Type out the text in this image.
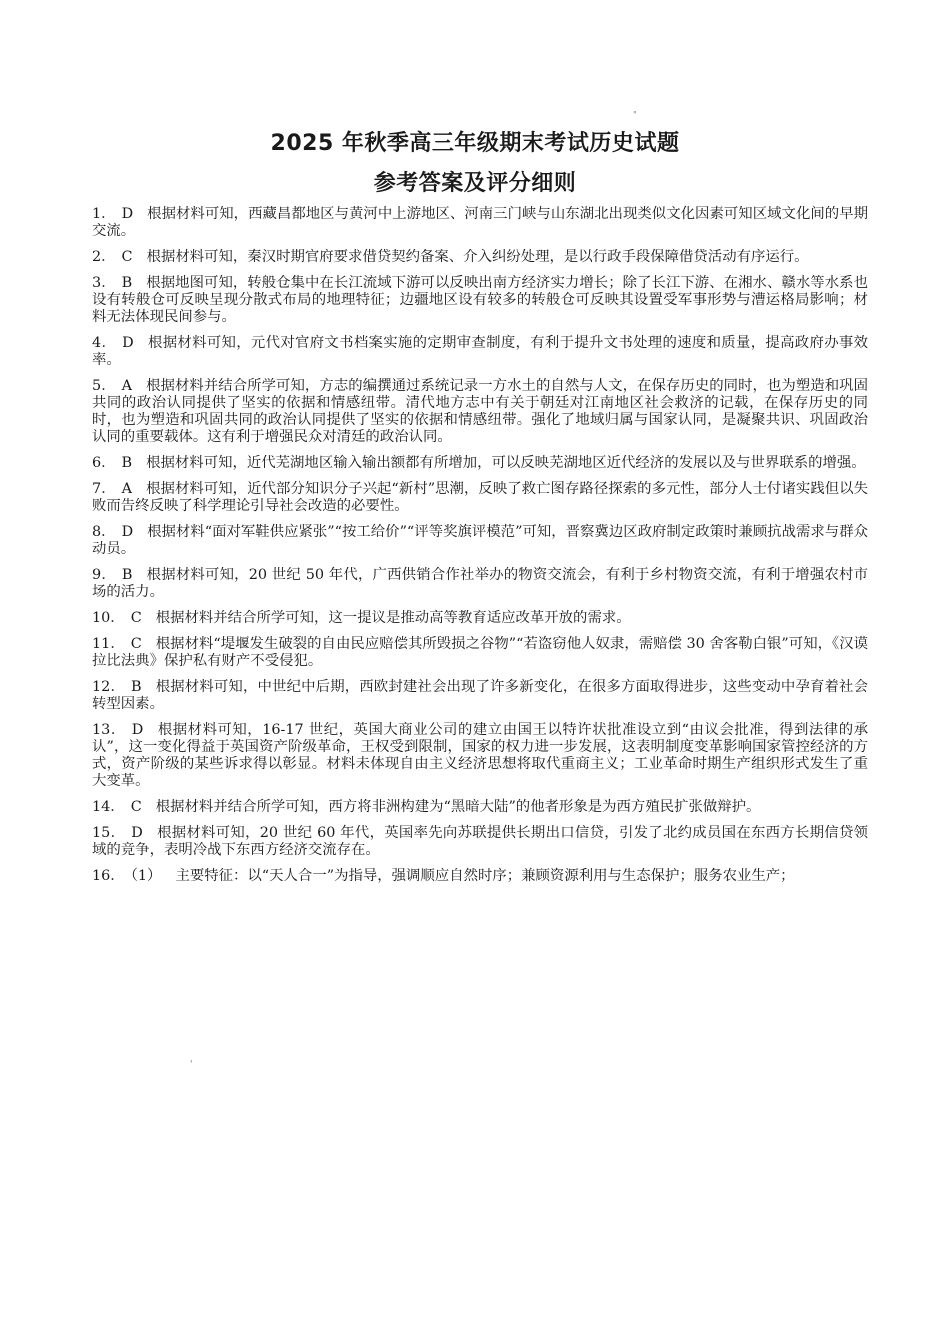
"
2025 年秋季高三年级期末考试历史试题
参考答案及评分细则

1． D 根据材料可知，西藏昌都地区与黄河中上游地区、河南三门峡与山东湖北出现类似文化因素可知区域文化间的早期交流。

2． C 根据材料可知，秦汉时期官府要求借贷契约备案、介入纠纷处理，是以行政手段保障借贷活动有序运行。

3． B 根据地图可知，转般仓集中在长江流域下游可以反映出南方经济实力增长；除了长江下游、在湘水、赣水等水系也设有转般仓可反映呈现分散式布局的地理特征；边疆地区设有较多的转般仓可反映其设置受军事形势与漕运格局影响；材料无法体现民间参与。

4． D 根据材料可知，元代对官府文书档案实施的定期审查制度，有利于提升文书处理的速度和质量，提高政府办事效率。

5． A 根据材料并结合所学可知，方志的编撰通过系统记录一方水土的自然与人文，在保存历史的同时，也为塑造和巩固共同的政治认同提供了坚实的依据和情感纽带。清代地方志中有关于朝廷对江南地区社会救济的记载，在保存历史的同时，也为塑造和巩固共同的政治认同提供了坚实的依据和情感纽带。强化了地域归属与国家认同，是凝聚共识、巩固政治认同的重要载体。这有利于增强民众对清廷的政治认同。

6． B 根据材料可知，近代芜湖地区输入输出额都有所增加，可以反映芜湖地区近代经济的发展以及与世界联系的增强。

7． A 根据材料可知，近代部分知识分子兴起“新村”思潮，反映了救亡图存路径探索的多元性，部分人士付诸实践但以失败而告终反映了科学理论引导社会改造的必要性。

8． D 根据材料“面对军鞋供应紧张”“按工给价”“评等奖旗评模范”可知，晋察冀边区政府制定政策时兼顾抗战需求与群众动员。

9． B 根据材料可知，20 世纪 50 年代，广西供销合作社举办的物资交流会，有利于乡村物资交流，有利于增强农村市场的活力。

10． C 根据材料并结合所学可知，这一提议是推动高等教育适应改革开放的需求。

11． C 根据材料“堤堰发生破裂的自由民应赔偿其所毁损之谷物”“若盗窃他人奴隶，需赔偿 30 舍客勒白银”可知，《汉谟拉比法典》保护私有财产不受侵犯。

12． B 根据材料可知，中世纪中后期，西欧封建社会出现了许多新变化，在很多方面取得进步，这些变动中孕育着社会转型因素。

13． D 根据材料可知，16-17 世纪，英国大商业公司的建立由国王以特许状批准设立到“由议会批准，得到法律的承认”，这一变化得益于英国资产阶级革命，王权受到限制，国家的权力进一步发展，这表明制度变革影响国家管控经济的方式，资产阶级的某些诉求得以彰显。材料未体现自由主义经济思想将取代重商主义；工业革命时期生产组织形式发生了重大变革。

14． C 根据材料并结合所学可知，西方将非洲构建为“黑暗大陆”的他者形象是为西方殖民扩张做辩护。

15． D 根据材料可知，20 世纪 60 年代，英国率先向苏联提供长期出口信贷，引发了北约成员国在东西方长期信贷领域的竞争，表明冷战下东西方经济交流存在。

16． （1） 主要特征：以“天人合一”为指导，强调顺应自然时序；兼顾资源利用与生态保护；服务农业生产；

'
